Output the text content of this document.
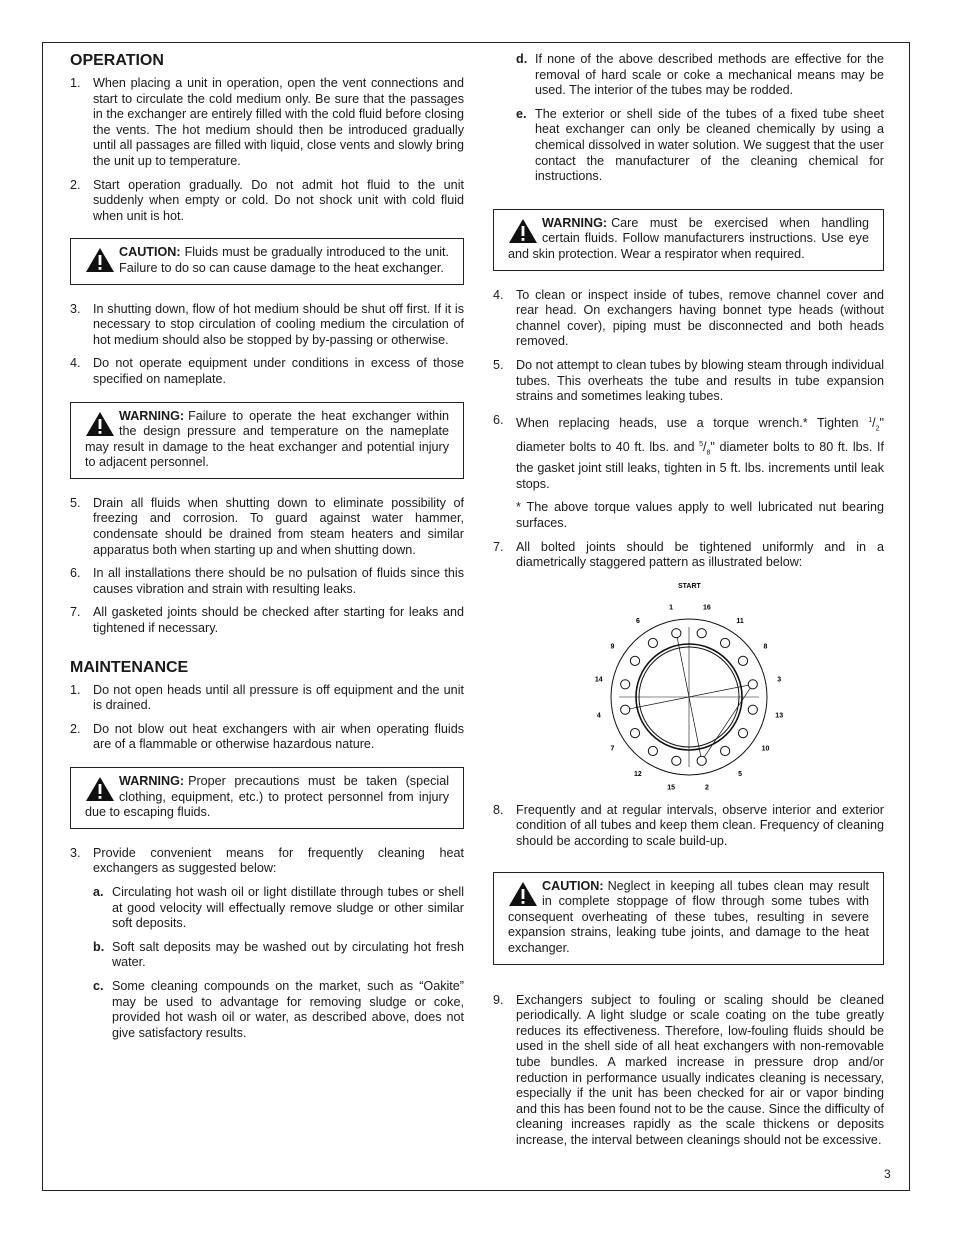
OPERATION
1. When placing a unit in operation, open the vent connections and start to circulate the cold medium only. Be sure that the passages in the exchanger are entirely filled with the cold fluid before closing the vents. The hot medium should then be introduced gradually until all passages are filled with liquid, close vents and slowly bring the unit up to temperature.
2. Start operation gradually. Do not admit hot fluid to the unit suddenly when empty or cold. Do not shock unit with cold fluid when unit is hot.
CAUTION: Fluids must be gradually introduced to the unit. Failure to do so can cause damage to the heat exchanger.
3. In shutting down, flow of hot medium should be shut off first. If it is necessary to stop circulation of cooling medium the circulation of hot medium should also be stopped by by-passing or otherwise.
4. Do not operate equipment under conditions in excess of those specified on nameplate.
WARNING: Failure to operate the heat exchanger within the design pressure and temperature on the nameplate may result in damage to the heat exchanger and potential injury to adjacent personnel.
5. Drain all fluids when shutting down to eliminate possibility of freezing and corrosion. To guard against water hammer, condensate should be drained from steam heaters and similar apparatus both when starting up and when shutting down.
6. In all installations there should be no pulsation of fluids since this causes vibration and strain with resulting leaks.
7. All gasketed joints should be checked after starting for leaks and tightened if necessary.
MAINTENANCE
1. Do not open heads until all pressure is off equipment and the unit is drained.
2. Do not blow out heat exchangers with air when operating fluids are of a flammable or otherwise hazardous nature.
WARNING: Proper precautions must be taken (special clothing, equipment, etc.) to protect personnel from injury due to escaping fluids.
3. Provide convenient means for frequently cleaning heat exchangers as suggested below:
a. Circulating hot wash oil or light distillate through tubes or shell at good velocity will effectually remove sludge or other similar soft deposits.
b. Soft salt deposits may be washed out by circulating hot fresh water.
c. Some cleaning compounds on the market, such as “Oakite” may be used to advantage for removing sludge or coke, provided hot wash oil or water, as described above, does not give satisfactory results.
d. If none of the above described methods are effective for the removal of hard scale or coke a mechanical means may be used. The interior of the tubes may be rodded.
e. The exterior or shell side of the tubes of a fixed tube sheet heat exchanger can only be cleaned chemically by using a chemical dissolved in water solution. We suggest that the user contact the manufacturer of the cleaning chemical for instructions.
WARNING: Care must be exercised when handling certain fluids. Follow manufacturers instructions. Use eye and skin protection. Wear a respirator when required.
4. To clean or inspect inside of tubes, remove channel cover and rear head. On exchangers having bonnet type heads (without channel cover), piping must be disconnected and both heads removed.
5. Do not attempt to clean tubes by blowing steam through individual tubes. This overheats the tube and results in tube expansion strains and sometimes leaking tubes.
6. When replacing heads, use a torque wrench.* Tighten $^1/_2$" diameter bolts to 40 ft. lbs. and $^5/_8$" diameter bolts to 80 ft. lbs. If the gasket joint still leaks, tighten in 5 ft. lbs. increments until leak stops.
* The above torque values apply to well lubricated nut bearing surfaces.
7. All bolted joints should be tightened uniformly and in a diametrically staggered pattern as illustrated below:
START
1	16
11
8
3
13
10
5
2
15
12
7
4
14
9
6
8. Frequently and at regular intervals, observe interior and exterior condition of all tubes and keep them clean. Frequency of cleaning should be according to scale build-up.
CAUTION: Neglect in keeping all tubes clean may result in complete stoppage of flow through some tubes with consequent overheating of these tubes, resulting in severe expansion strains, leaking tube joints, and damage to the heat exchanger.
9. Exchangers subject to fouling or scaling should be cleaned periodically. A light sludge or scale coating on the tube greatly reduces its effectiveness. Therefore, low-fouling fluids should be used in the shell side of all heat exchangers with non-removable tube bundles. A marked increase in pressure drop and/or reduction in performance usually indicates cleaning is necessary, especially if the unit has been checked for air or vapor binding and this has been found not to be the cause. Since the difficulty of cleaning increases rapidly as the scale thickens or deposits increase, the interval between cleanings should not be excessive.
3
